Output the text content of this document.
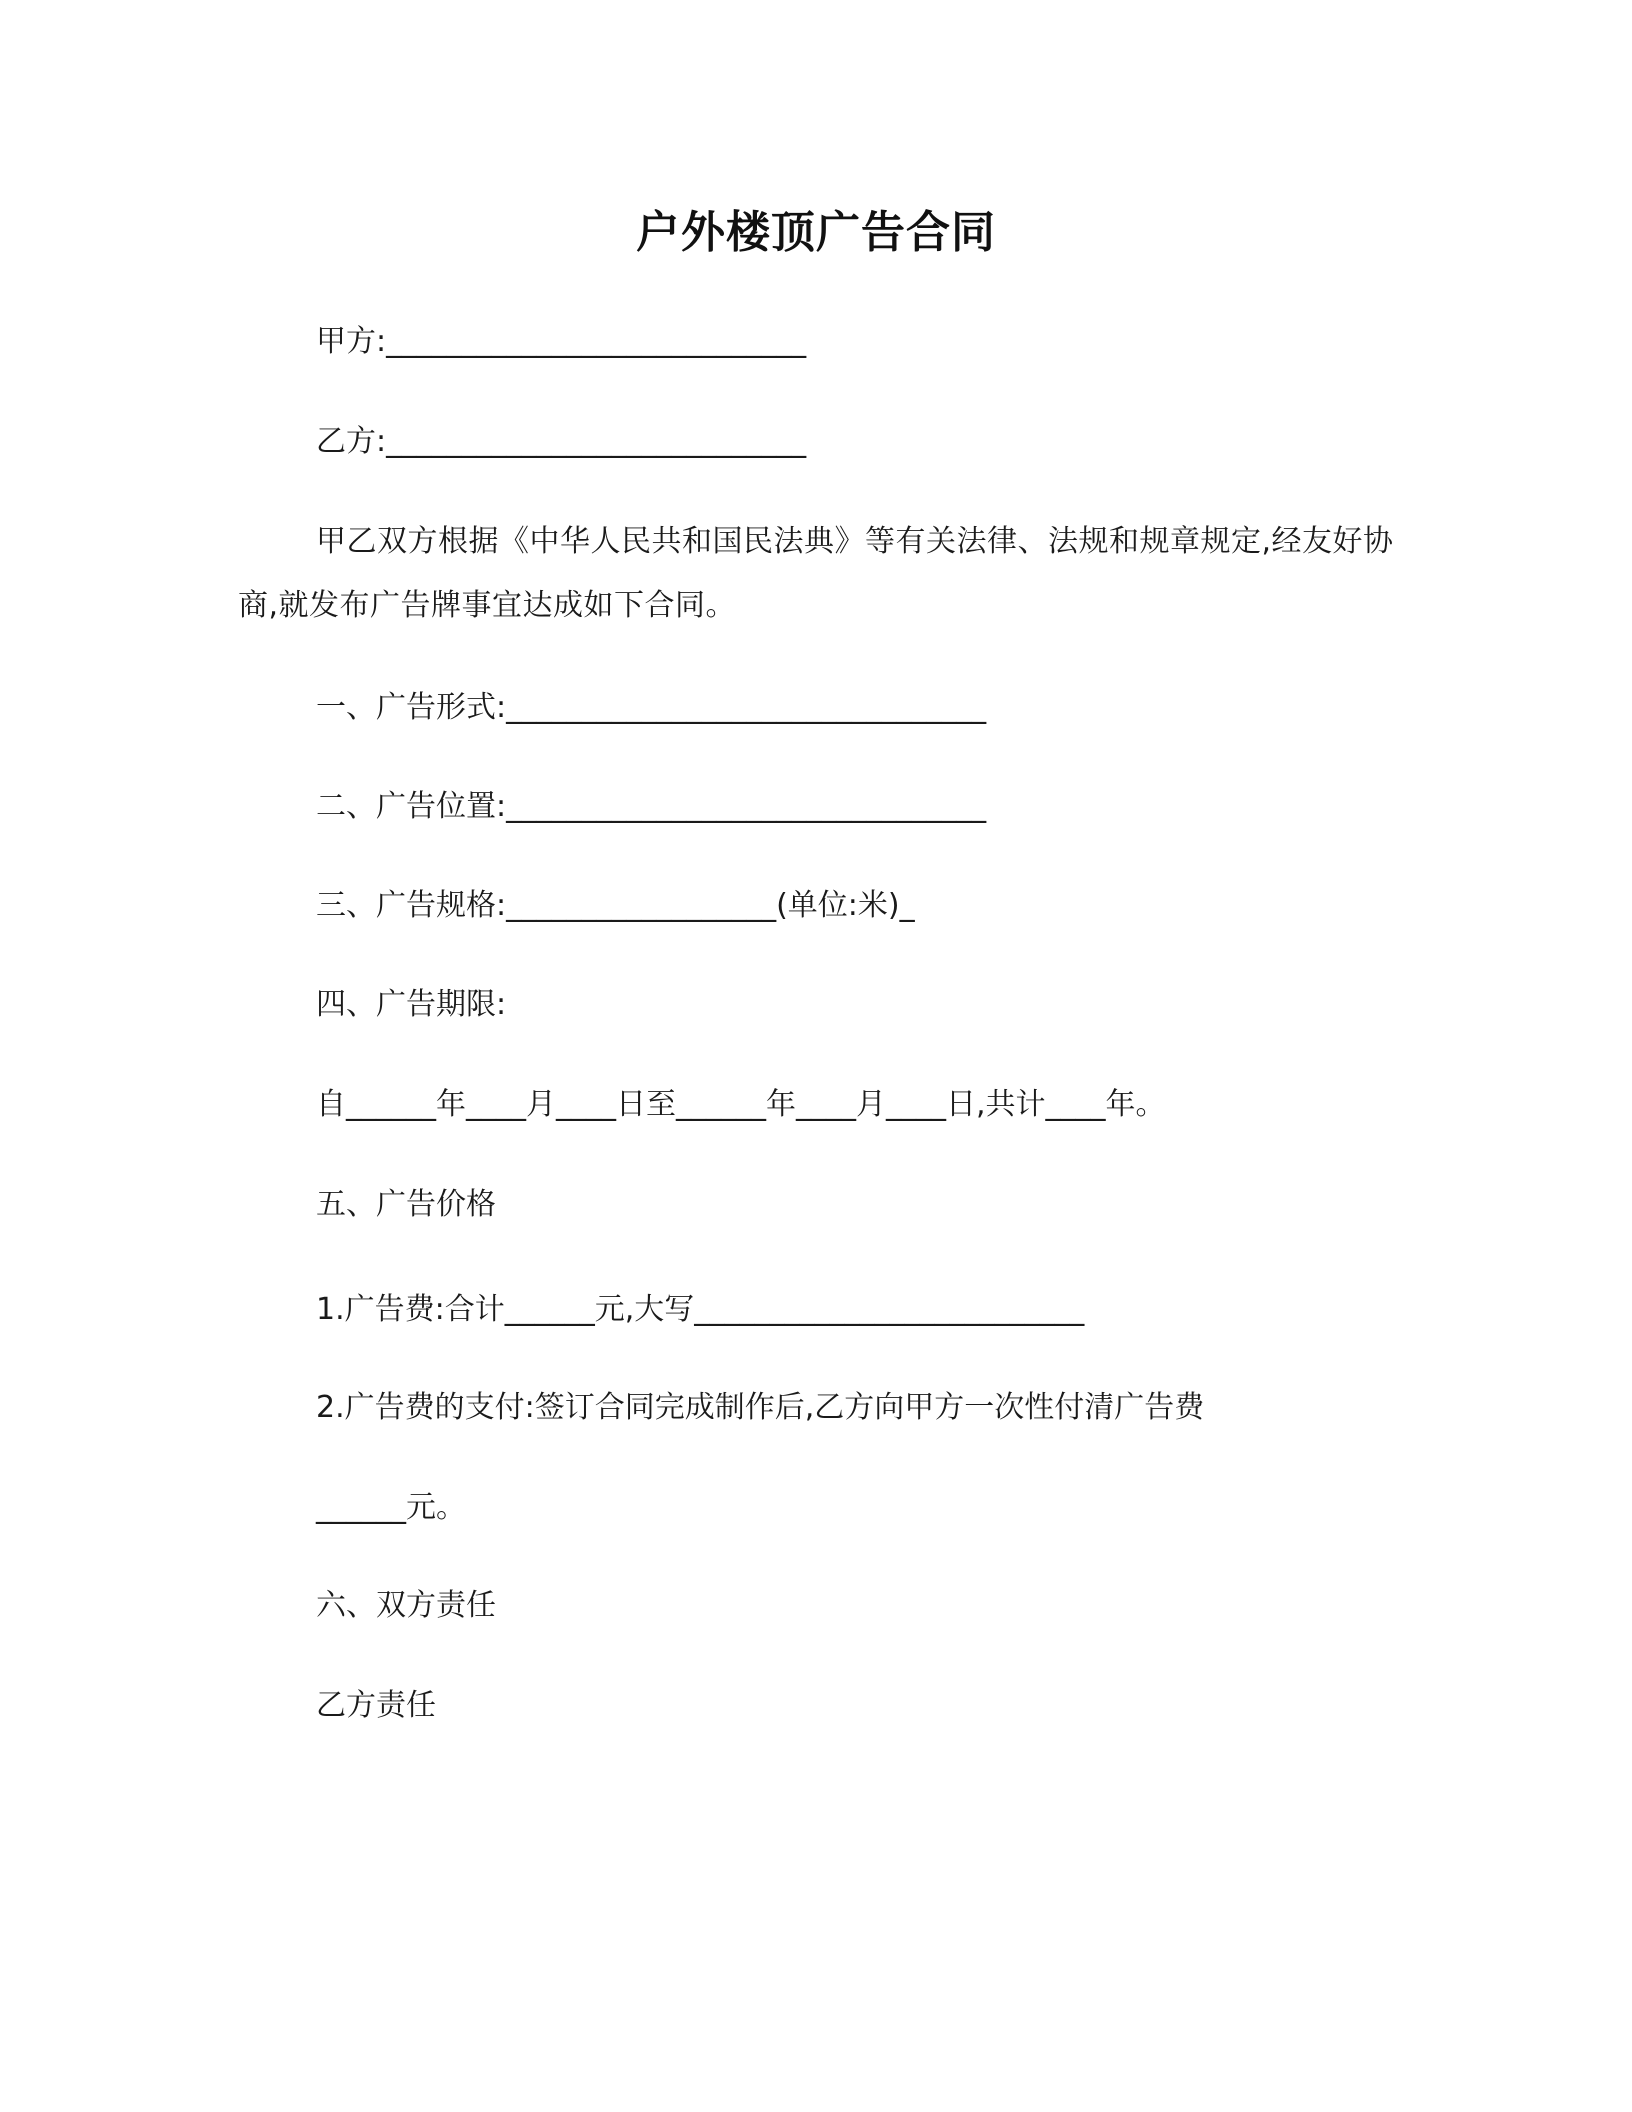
户外楼顶广告合同
甲方:____________________________
乙方:____________________________
甲乙双方根据《中华人民共和国民法典》等有关法律、法规和规章规定,经友好协商,就发布广告牌事宜达成如下合同。
一、广告形式:________________________________
二、广告位置:________________________________
三、广告规格:__________________(单位:米)_
四、广告期限:
自______年____月____日至______年____月____日,共计____年。
五、广告价格
1.广告费:合计______元,大写__________________________
2.广告费的支付:签订合同完成制作后,乙方向甲方一次性付清广告费
______元。
六、双方责任
乙方责任
